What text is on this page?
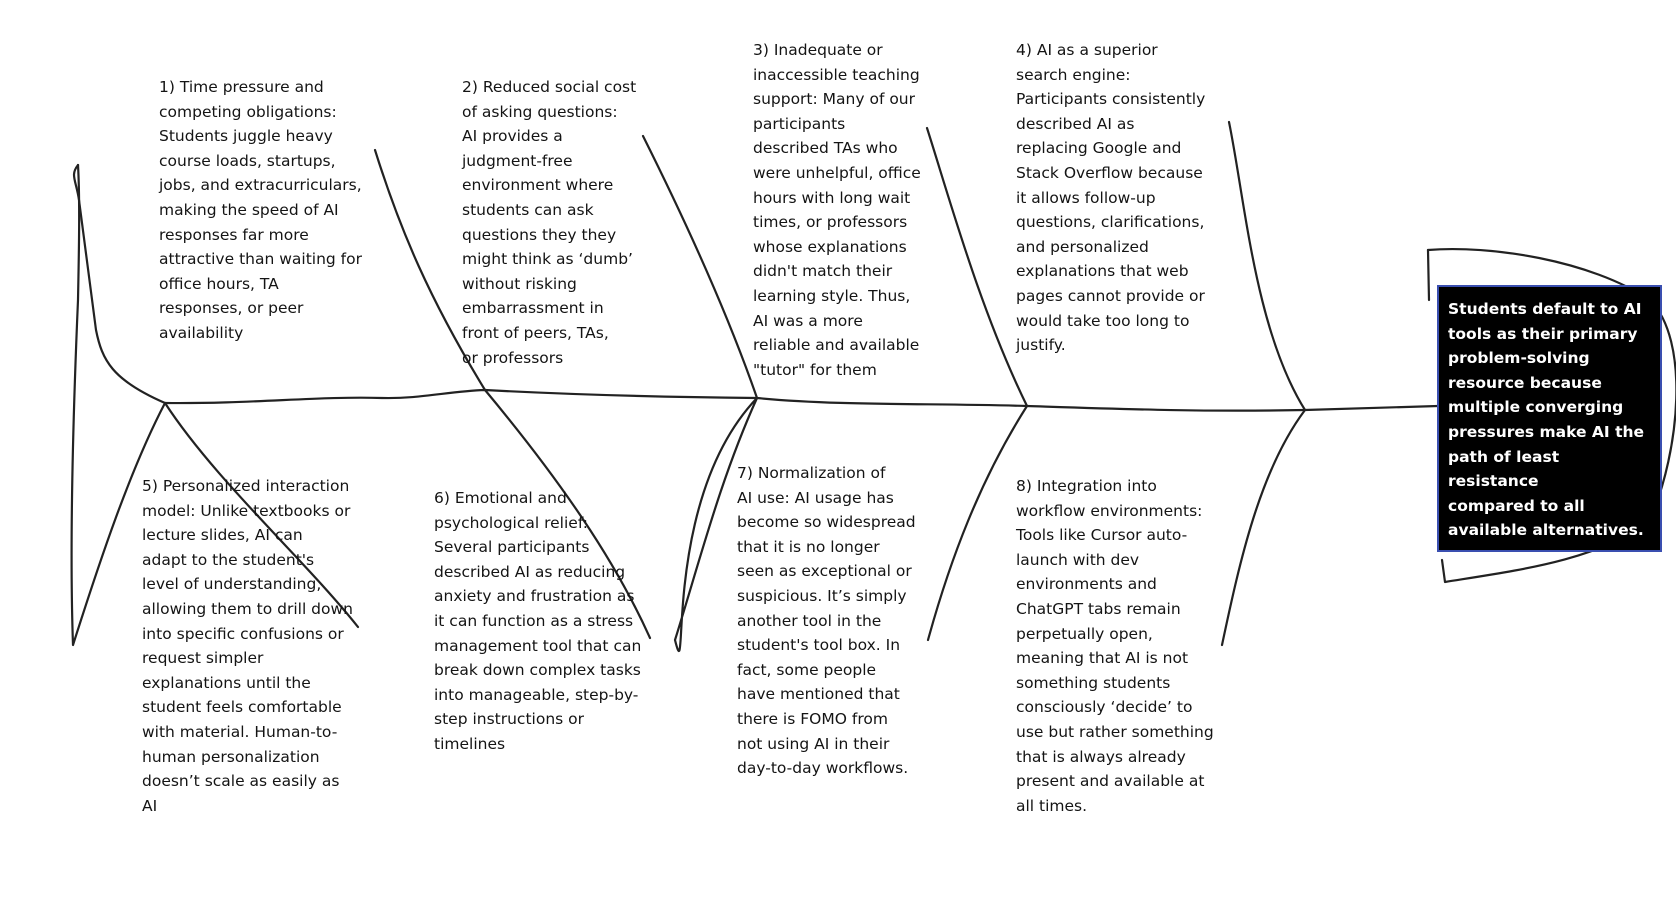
1) Time pressure and
competing obligations:
Students juggle heavy
course loads, startups,
jobs, and extracurriculars,
making the speed of AI
responses far more
attractive than waiting for
office hours, TA
responses, or peer
availability

2) Reduced social cost
of asking questions:
AI provides a
judgment-free
environment where
students can ask
questions they they
might think as ‘dumb’
without risking
embarrassment in
front of peers, TAs,
or professors

3) Inadequate or
inaccessible teaching
support: Many of our
participants
described TAs who
were unhelpful, office
hours with long wait
times, or professors
whose explanations
didn't match their
learning style. Thus,
AI was a more
reliable and available
"tutor" for them

4) AI as a superior
search engine:
Participants consistently
described AI as
replacing Google and
Stack Overflow because
it allows follow-up
questions, clarifications,
and personalized
explanations that web
pages cannot provide or
would take too long to
justify.

5) Personalized interaction
model: Unlike textbooks or
lecture slides, AI can
adapt to the student's
level of understanding,
allowing them to drill down
into specific confusions or
request simpler
explanations until the
student feels comfortable
with material. Human-to-
human personalization
doesn’t scale as easily as
AI

6) Emotional and
psychological relief:
Several participants
described AI as reducing
anxiety and frustration as
it can function as a stress
management tool that can
break down complex tasks
into manageable, step-by-
step instructions or
timelines

7) Normalization of
AI use: AI usage has
become so widespread
that it is no longer
seen as exceptional or
suspicious. It’s simply
another tool in the
student's tool box. In
fact, some people
have mentioned that
there is FOMO from
not using AI in their
day-to-day workflows.

8) Integration into
workflow environments:
Tools like Cursor auto-
launch with dev
environments and
ChatGPT tabs remain
perpetually open,
meaning that AI is not
something students
consciously ‘decide’ to
use but rather something
that is always already
present and available at
all times.

Students default to AI
tools as their primary
problem-solving
resource because
multiple converging
pressures make AI the
path of least resistance
compared to all
available alternatives.
